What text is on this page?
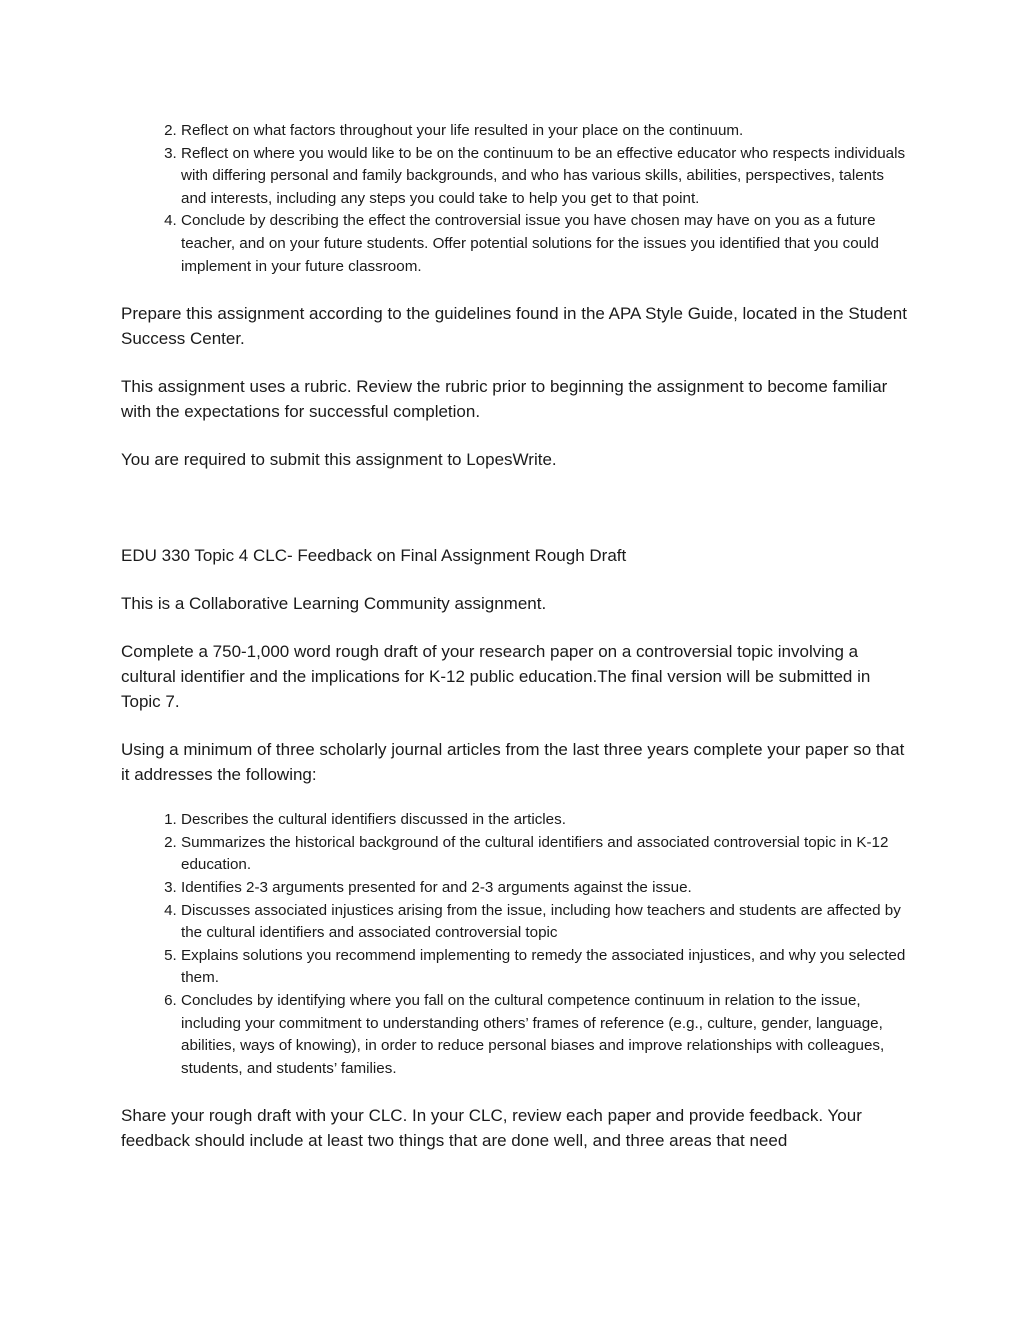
2. Reflect on what factors throughout your life resulted in your place on the continuum.
3. Reflect on where you would like to be on the continuum to be an effective educator who respects individuals with differing personal and family backgrounds, and who has various skills, abilities, perspectives, talents and interests, including any steps you could take to help you get to that point.
4. Conclude by describing the effect the controversial issue you have chosen may have on you as a future teacher, and on your future students. Offer potential solutions for the issues you identified that you could implement in your future classroom.

Prepare this assignment according to the guidelines found in the APA Style Guide, located in the Student Success Center.

This assignment uses a rubric. Review the rubric prior to beginning the assignment to become familiar with the expectations for successful completion.

You are required to submit this assignment to LopesWrite.

EDU 330 Topic 4 CLC- Feedback on Final Assignment Rough Draft

This is a Collaborative Learning Community assignment.

Complete a 750-1,000 word rough draft of your research paper on a controversial topic involving a cultural identifier and the implications for K-12 public education.The final version will be submitted in Topic 7.

Using a minimum of three scholarly journal articles from the last three years complete your paper so that it addresses the following:

1. Describes the cultural identifiers discussed in the articles.
2. Summarizes the historical background of the cultural identifiers and associated controversial topic in K-12 education.
3. Identifies 2-3 arguments presented for and 2-3 arguments against the issue.
4. Discusses associated injustices arising from the issue, including how teachers and students are affected by the cultural identifiers and associated controversial topic
5. Explains solutions you recommend implementing to remedy the associated injustices, and why you selected them.
6. Concludes by identifying where you fall on the cultural competence continuum in relation to the issue, including your commitment to understanding others’ frames of reference (e.g., culture, gender, language, abilities, ways of knowing), in order to reduce personal biases and improve relationships with colleagues, students, and students’ families.

Share your rough draft with your CLC. In your CLC, review each paper and provide feedback. Your feedback should include at least two things that are done well, and three areas that need
